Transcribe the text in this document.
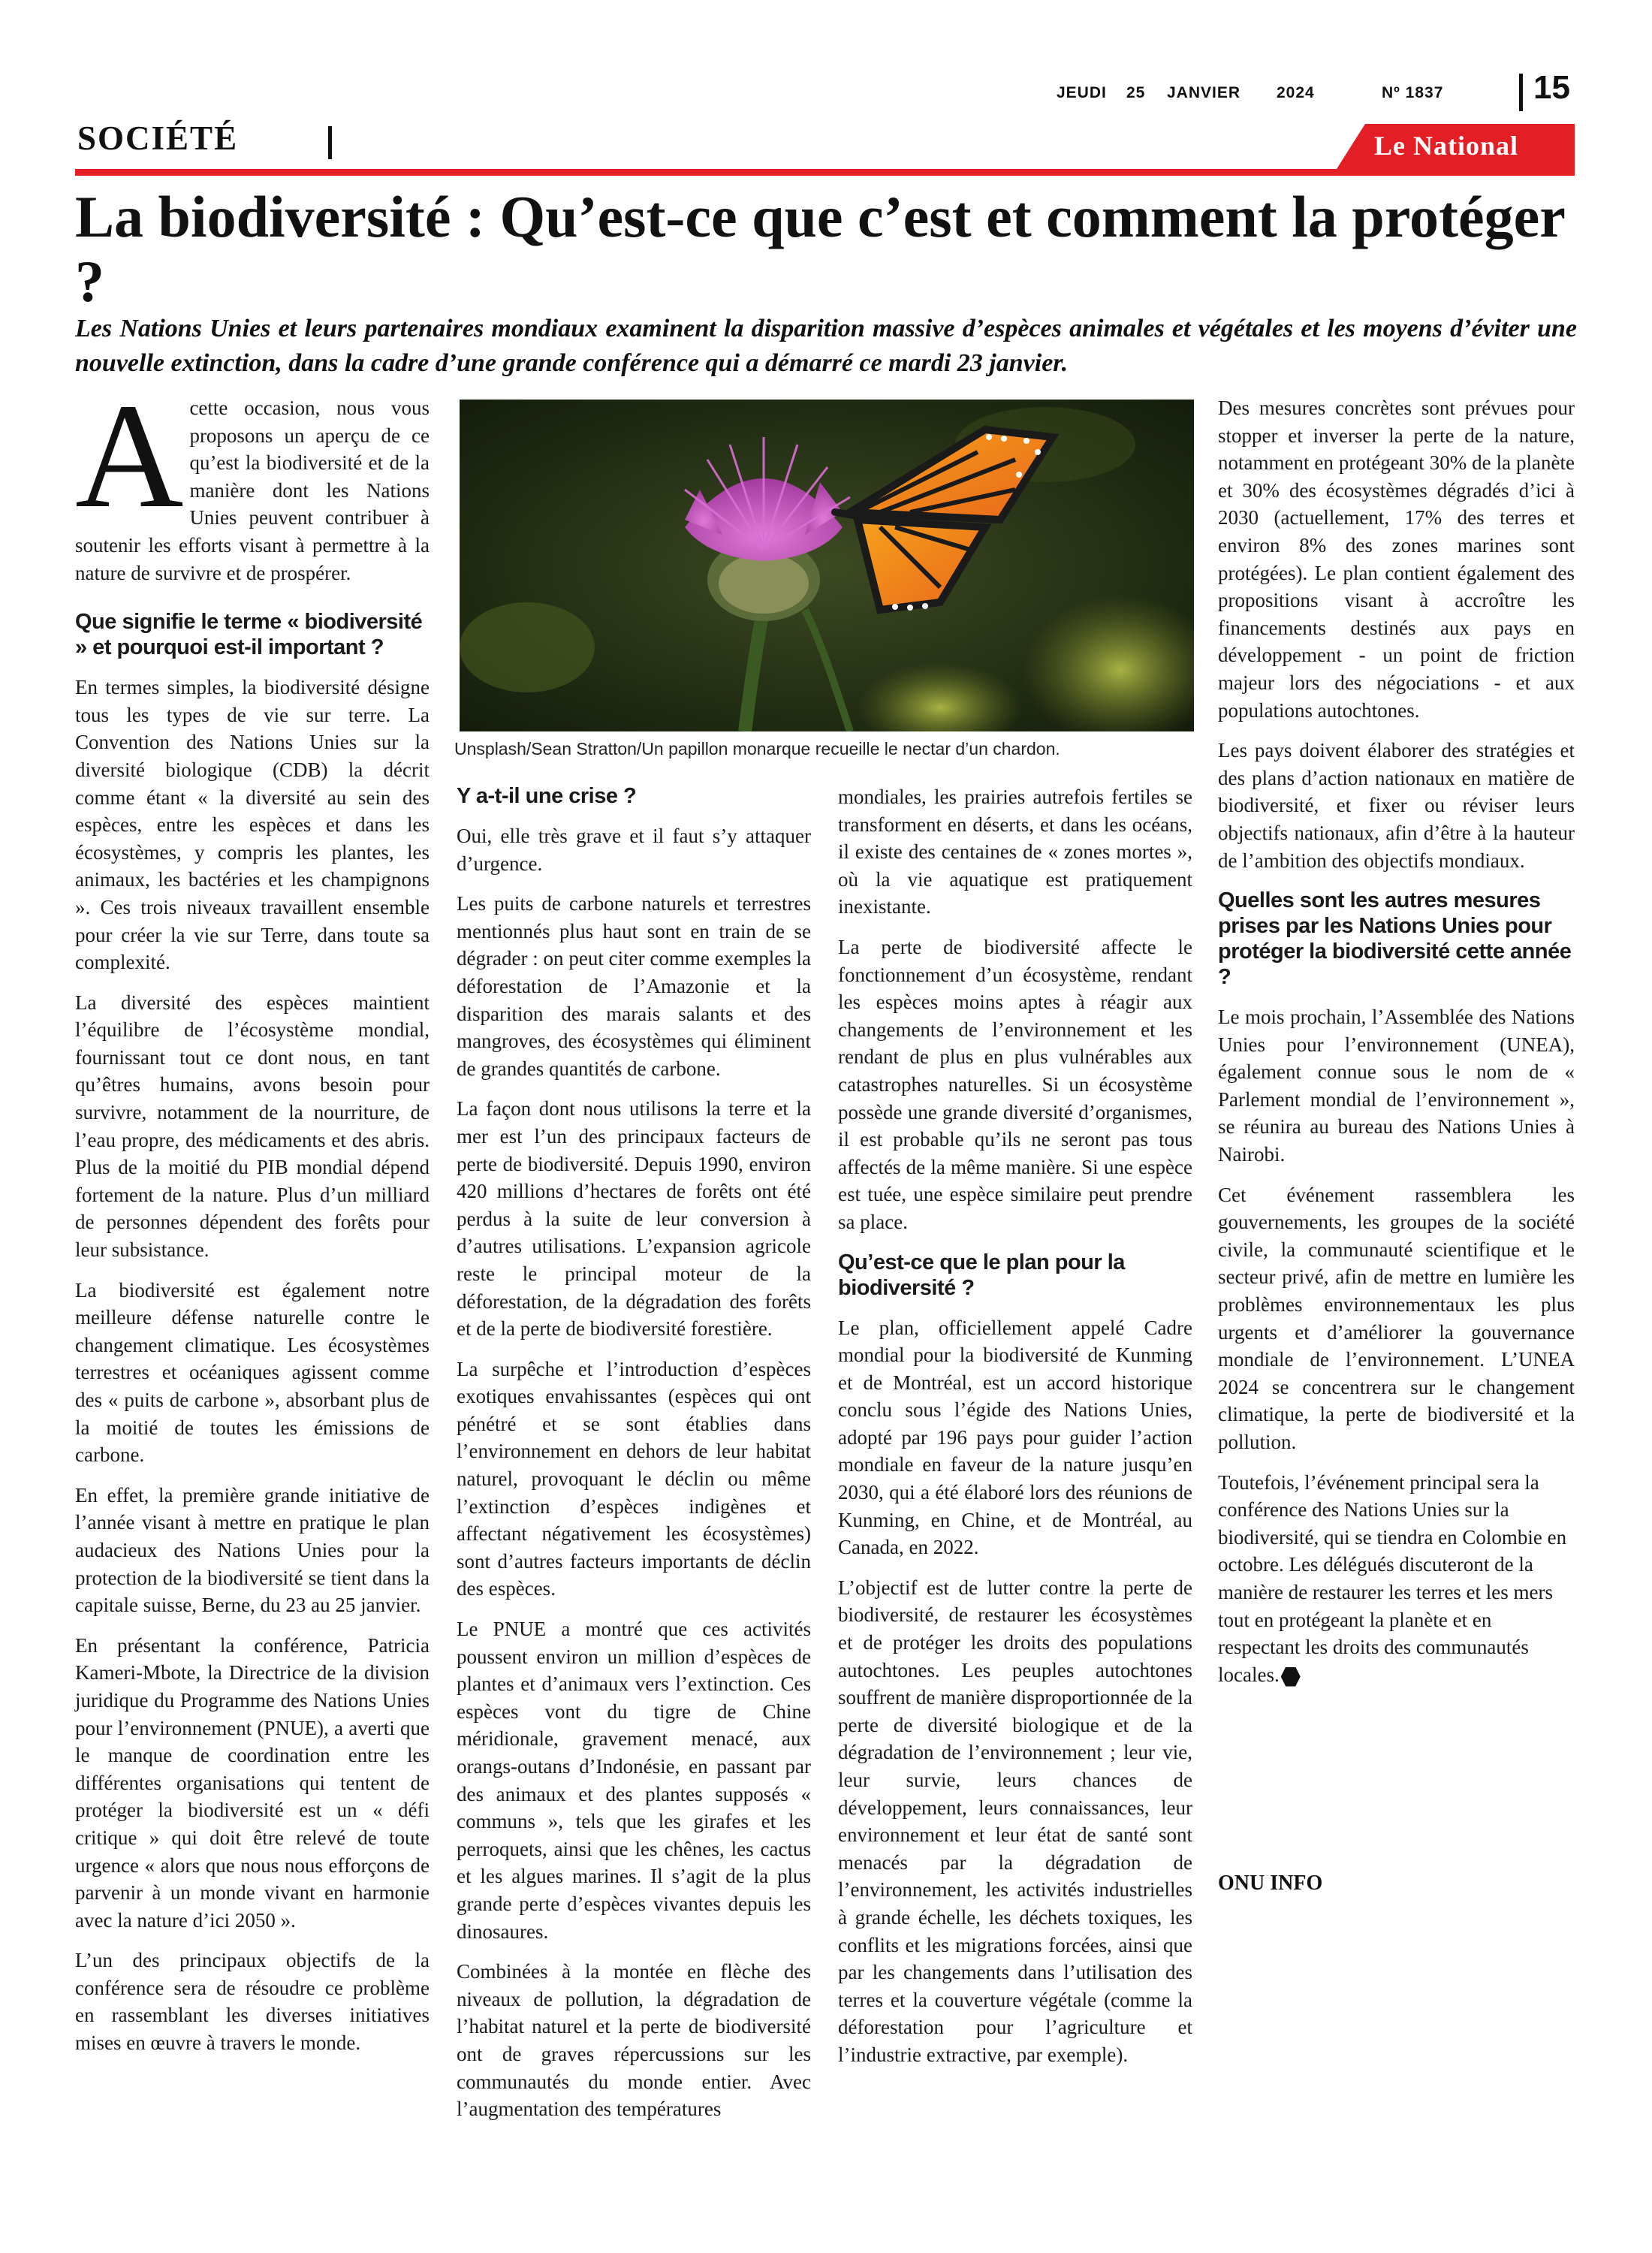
JEUDI 25 JANVIER 2024	Nº 1837	15
SOCIÉTÉ	Le National
La biodiversité : Qu’est-ce que c’est et comment la protéger ?

Les Nations Unies et leurs partenaires mondiaux examinent la disparition massive d’espèces animales et végétales et les moyens d’éviter une nouvelle extinction, dans la cadre d’une grande conférence qui a démarré ce mardi 23 janvier.

Acette occasion, nous vous proposons un aperçu de ce qu’est la biodiversité et de la manière dont les Nations Unies peuvent contribuer à soutenir les efforts visant à permettre à la nature de survivre et de prospérer.

Que signifie le terme « biodiversité » et pourquoi est-il important ?

En termes simples, la biodiversité désigne tous les types de vie sur terre. La Convention des Nations Unies sur la diversité biologique (CDB) la décrit comme étant « la diversité au sein des espèces, entre les espèces et dans les écosystèmes, y compris les plantes, les animaux, les bactéries et les champignons ». Ces trois niveaux travaillent ensemble pour créer la vie sur Terre, dans toute sa complexité.

La diversité des espèces maintient l’équilibre de l’écosystème mondial, fournissant tout ce dont nous, en tant qu’êtres humains, avons besoin pour survivre, notamment de la nourriture, de l’eau propre, des médicaments et des abris. Plus de la moitié du PIB mondial dépend fortement de la nature. Plus d’un milliard de personnes dépendent des forêts pour leur subsistance.

La biodiversité est également notre meilleure défense naturelle contre le changement climatique. Les écosystèmes terrestres et océaniques agissent comme des « puits de carbone », absorbant plus de la moitié de toutes les émissions de carbone.

En effet, la première grande initiative de l’année visant à mettre en pratique le plan audacieux des Nations Unies pour la protection de la biodiversité se tient dans la capitale suisse, Berne, du 23 au 25 janvier.

En présentant la conférence, Patricia Kameri-Mbote, la Directrice de la division juridique du Programme des Nations Unies pour l’environnement (PNUE), a averti que le manque de coordination entre les différentes organisations qui tentent de protéger la biodiversité est un « défi critique » qui doit être relevé de toute urgence « alors que nous nous efforçons de parvenir à un monde vivant en harmonie avec la nature d’ici 2050 ».

L’un des principaux objectifs de la conférence sera de résoudre ce problème en rassemblant les diverses initiatives mises en œuvre à travers le monde.

Unsplash/Sean Stratton/Un papillon monarque recueille le nectar d’un chardon.
Y a-t-il une crise ?

Oui, elle très grave et il faut s’y attaquer d’urgence.

Les puits de carbone naturels et terrestres mentionnés plus haut sont en train de se dégrader : on peut citer comme exemples la déforestation de l’Amazonie et la disparition des marais salants et des mangroves, des écosystèmes qui éliminent de grandes quantités de carbone.

La façon dont nous utilisons la terre et la mer est l’un des principaux facteurs de perte de biodiversité. Depuis 1990, environ 420 millions d’hectares de forêts ont été perdus à la suite de leur conversion à d’autres utilisations. L’expansion agricole reste le principal moteur de la déforestation, de la dégradation des forêts et de la perte de biodiversité forestière.

La surpêche et l’introduction d’espèces exotiques envahissantes (espèces qui ont pénétré et se sont établies dans l’environnement en dehors de leur habitat naturel, provoquant le déclin ou même l’extinction d’espèces indigènes et affectant négativement les écosystèmes) sont d’autres facteurs importants de déclin des espèces.

Le PNUE a montré que ces activités poussent environ un million d’espèces de plantes et d’animaux vers l’extinction. Ces espèces vont du tigre de Chine méridionale, gravement menacé, aux orangs-outans d’Indonésie, en passant par des animaux et des plantes supposés « communs », tels que les girafes et les perroquets, ainsi que les chênes, les cactus et les algues marines. Il s’agit de la plus grande perte d’espèces vivantes depuis les dinosaures.

Combinées à la montée en flèche des niveaux de pollution, la dégradation de l’habitat naturel et la perte de biodiversité ont de graves répercussions sur les communautés du monde entier. Avec l’augmentation des températures

mondiales, les prairies autrefois fertiles se transforment en déserts, et dans les océans, il existe des centaines de « zones mortes », où la vie aquatique est pratiquement inexistante.

La perte de biodiversité affecte le fonctionnement d’un écosystème, rendant les espèces moins aptes à réagir aux changements de l’environnement et les rendant de plus en plus vulnérables aux catastrophes naturelles. Si un écosystème possède une grande diversité d’organismes, il est probable qu’ils ne seront pas tous affectés de la même manière. Si une espèce est tuée, une espèce similaire peut prendre sa place.

Qu’est-ce que le plan pour la biodiversité ?

Le plan, officiellement appelé Cadre mondial pour la biodiversité de Kunming et de Montréal, est un accord historique conclu sous l’égide des Nations Unies, adopté par 196 pays pour guider l’action mondiale en faveur de la nature jusqu’en 2030, qui a été élaboré lors des réunions de Kunming, en Chine, et de Montréal, au Canada, en 2022.

L’objectif est de lutter contre la perte de biodiversité, de restaurer les écosystèmes et de protéger les droits des populations autochtones. Les peuples autochtones souffrent de manière disproportionnée de la perte de diversité biologique et de la dégradation de l’environnement ; leur vie, leur survie, leurs chances de développement, leurs connaissances, leur environnement et leur état de santé sont menacés par la dégradation de l’environnement, les activités industrielles à grande échelle, les déchets toxiques, les conflits et les migrations forcées, ainsi que par les changements dans l’utilisation des terres et la couverture végétale (comme la déforestation pour l’agriculture et l’industrie extractive, par exemple).

Des mesures concrètes sont prévues pour stopper et inverser la perte de la nature, notamment en protégeant 30% de la planète et 30% des écosystèmes dégradés d’ici à 2030 (actuellement, 17% des terres et environ 8% des zones marines sont protégées). Le plan contient également des propositions visant à accroître les financements destinés aux pays en développement - un point de friction majeur lors des négociations - et aux populations autochtones.

Les pays doivent élaborer des stratégies et des plans d’action nationaux en matière de biodiversité, et fixer ou réviser leurs objectifs nationaux, afin d’être à la hauteur de l’ambition des objectifs mondiaux.

Quelles sont les autres mesures prises par les Nations Unies pour protéger la biodiversité cette année ?

Le mois prochain, l’Assemblée des Nations Unies pour l’environnement (UNEA), également connue sous le nom de « Parlement mondial de l’environnement », se réunira au bureau des Nations Unies à Nairobi.

Cet événement rassemblera les gouvernements, les groupes de la société civile, la communauté scientifique et le secteur privé, afin de mettre en lumière les problèmes environnementaux les plus urgents et d’améliorer la gouvernance mondiale de l’environnement. L’UNEA 2024 se concentrera sur le changement climatique, la perte de biodiversité et la pollution.

Toutefois, l’événement principal sera la conférence des Nations Unies sur la biodiversité, qui se tiendra en Colombie en octobre. Les délégués discuteront de la manière de restaurer les terres et les mers tout en protégeant la planète et en respectant les droits des communautés locales.

ONU INFO
